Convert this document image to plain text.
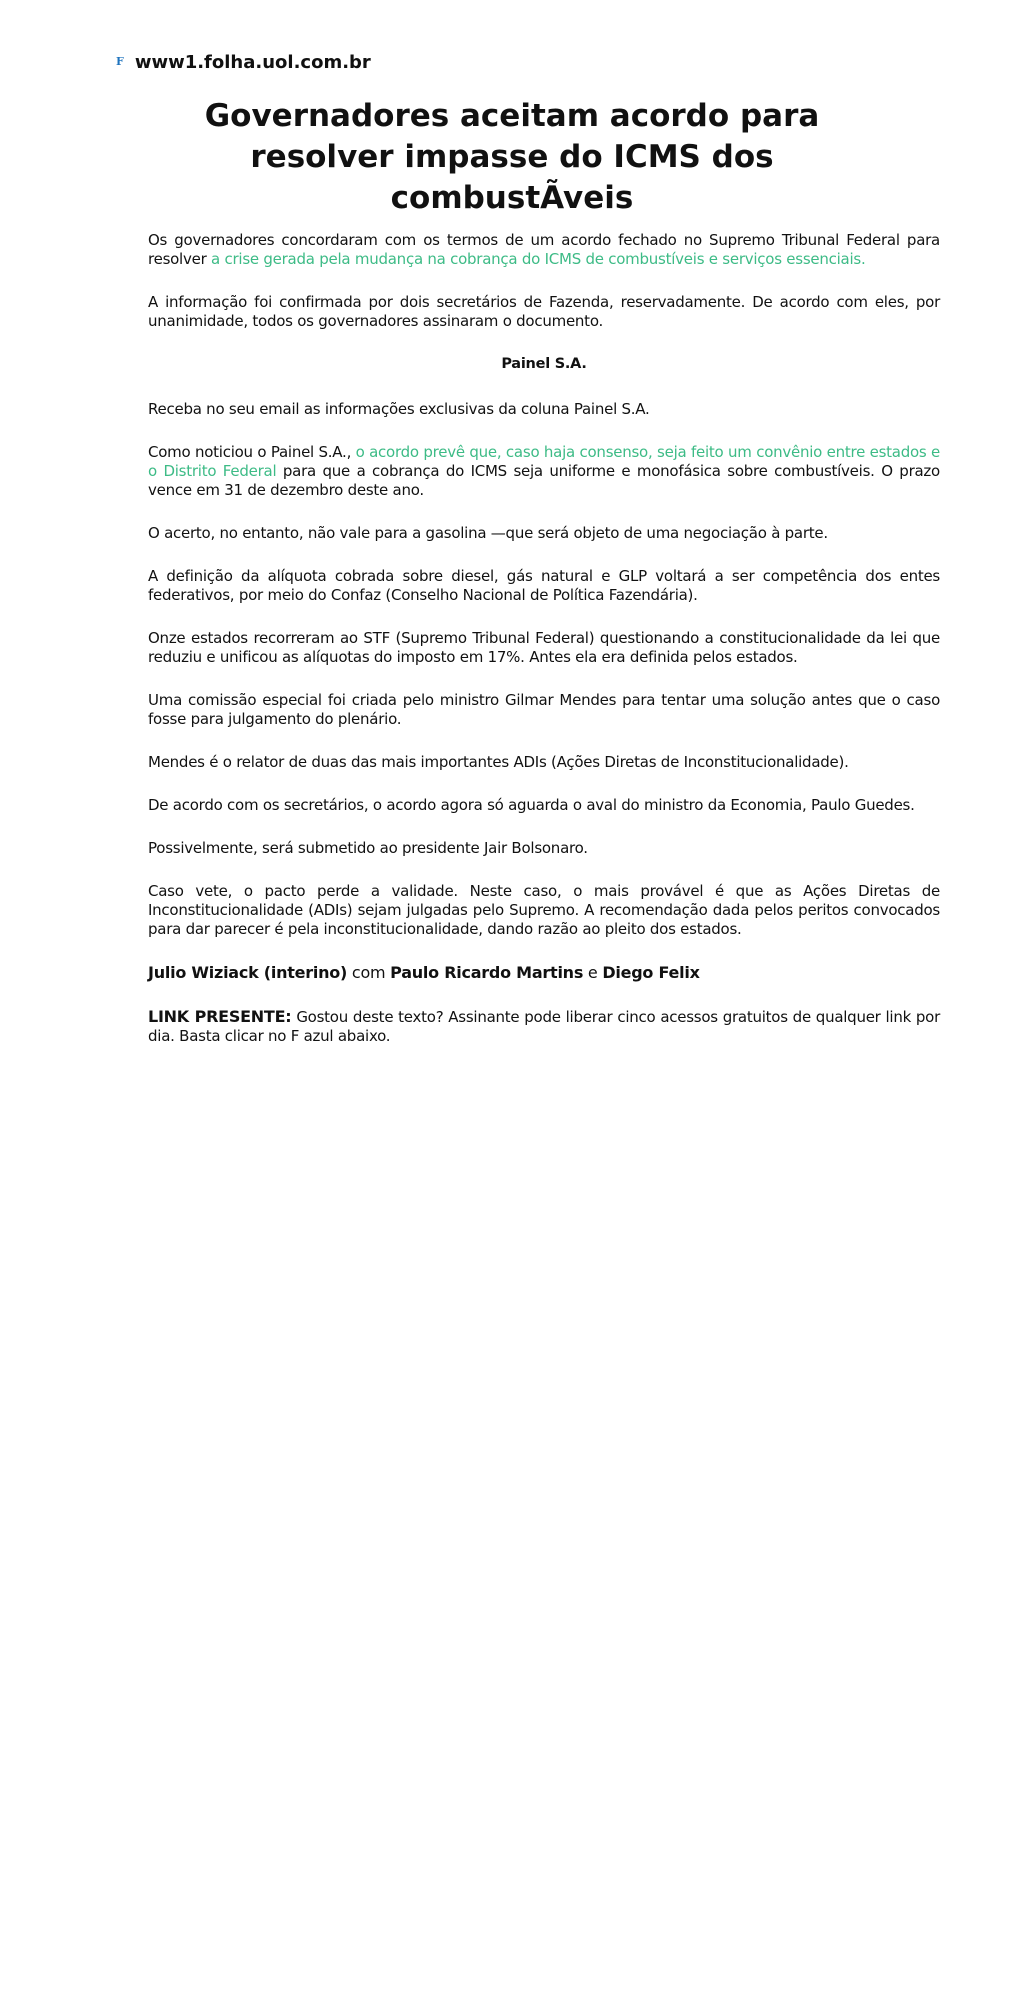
F www1.folha.uol.com.br
Governadores aceitam acordo para resolver impasse do ICMS dos combustÃveis

Os governadores concordaram com os termos de um acordo fechado no Supremo Tribunal Federal para resolver a crise gerada pela mudança na cobrança do ICMS de combustíveis e serviços essenciais.

A informação foi confirmada por dois secretários de Fazenda, reservadamente. De acordo com eles, por unanimidade, todos os governadores assinaram o documento.

Painel S.A.

Receba no seu email as informações exclusivas da coluna Painel S.A.

Como noticiou o Painel S.A., o acordo prevê que, caso haja consenso, seja feito um convênio entre estados e o Distrito Federal para que a cobrança do ICMS seja uniforme e monofásica sobre combustíveis. O prazo vence em 31 de dezembro deste ano.

O acerto, no entanto, não vale para a gasolina —que será objeto de uma negociação à parte.

A definição da alíquota cobrada sobre diesel, gás natural e GLP voltará a ser competência dos entes federativos, por meio do Confaz (Conselho Nacional de Política Fazendária).

Onze estados recorreram ao STF (Supremo Tribunal Federal) questionando a constitucionalidade da lei que reduziu e unificou as alíquotas do imposto em 17%. Antes ela era definida pelos estados.

Uma comissão especial foi criada pelo ministro Gilmar Mendes para tentar uma solução antes que o caso fosse para julgamento do plenário.

Mendes é o relator de duas das mais importantes ADIs (Ações Diretas de Inconstitucionalidade).

De acordo com os secretários, o acordo agora só aguarda o aval do ministro da Economia, Paulo Guedes.

Possivelmente, será submetido ao presidente Jair Bolsonaro.

Caso vete, o pacto perde a validade. Neste caso, o mais provável é que as Ações Diretas de Inconstitucionalidade (ADIs) sejam julgadas pelo Supremo. A recomendação dada pelos peritos convocados para dar parecer é pela inconstitucionalidade, dando razão ao pleito dos estados.

Julio Wiziack (interino) com Paulo Ricardo Martins e Diego Felix

LINK PRESENTE: Gostou deste texto? Assinante pode liberar cinco acessos gratuitos de qualquer link por dia. Basta clicar no F azul abaixo.
